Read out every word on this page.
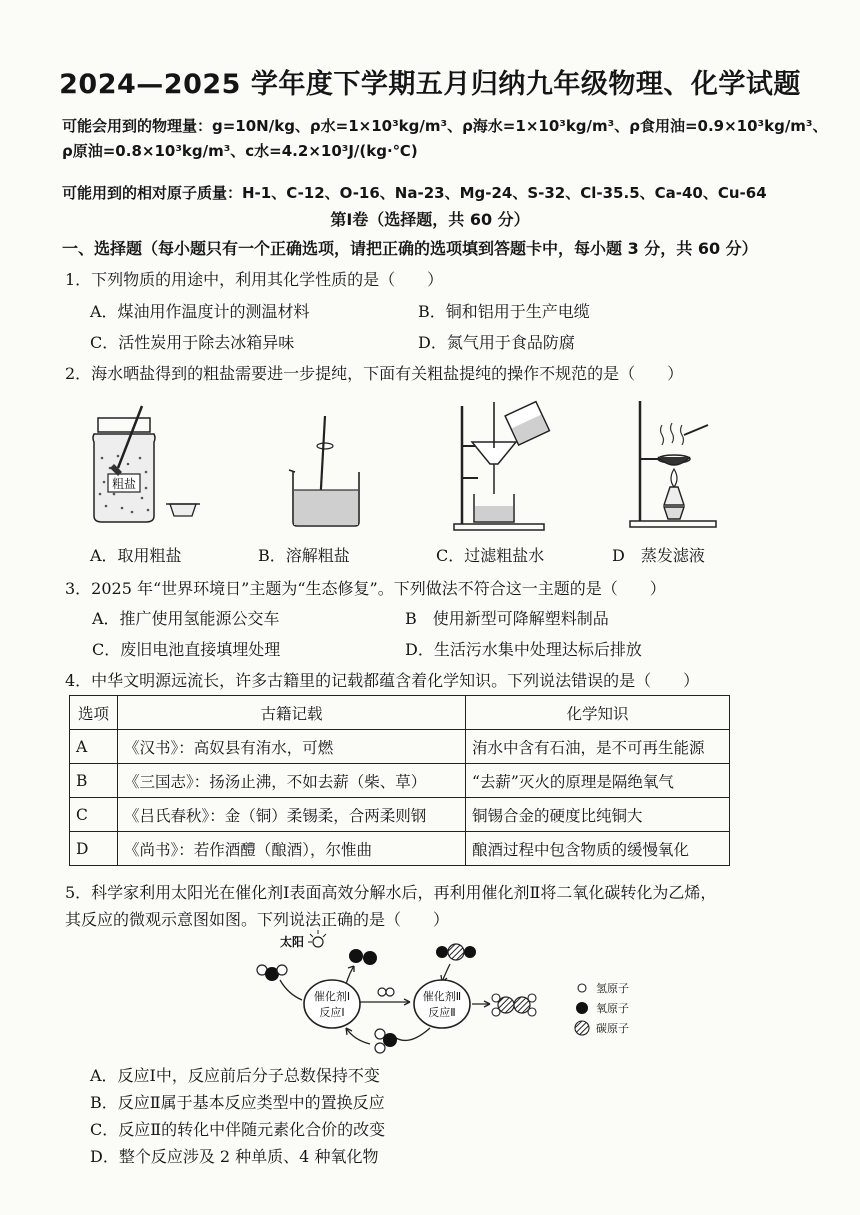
2024—2025 学年度下学期五月归纳九年级物理、化学试题
可能会用到的物理量：g=10N/kg、ρ水=1×10³kg/m³、ρ海水=1×10³kg/m³、ρ食用油=0.9×10³kg/m³、
ρ原油=0.8×10³kg/m³、c水=4.2×10³J/(kg·℃)
可能用到的相对原子质量：H-1、C-12、O-16、Na-23、Mg-24、S-32、Cl-35.5、Ca-40、Cu-64
第Ⅰ卷（选择题，共 60 分）
一、选择题（每小题只有一个正确选项，请把正确的选项填到答题卡中，每小题 3 分，共 60 分）
1．下列物质的用途中，利用其化学性质的是（　　）
A．煤油用作温度计的测温材料	B．铜和铝用于生产电缆
C．活性炭用于除去冰箱异味	D．氮气用于食品防腐
2．海水晒盐得到的粗盐需要进一步提纯，下面有关粗盐提纯的操作不规范的是（　　）
粗盐
A．取用粗盐	B．溶解粗盐	C．过滤粗盐水	D　蒸发滤液
3．2025 年“世界环境日”主题为“生态修复”。下列做法不符合这一主题的是（　　）
A．推广使用氢能源公交车	B　使用新型可降解塑料制品
C．废旧电池直接填埋处理	D．生活污水集中处理达标后排放
4．中华文明源远流长，许多古籍里的记载都蕴含着化学知识。下列说法错误的是（　　）
选项	古籍记载	化学知识
A	《汉书》：高奴县有洧水，可燃	洧水中含有石油，是不可再生能源
B	《三国志》：扬汤止沸，不如去薪（柴、草）	“去薪”灭火的原理是隔绝氧气
C	《吕氏春秋》：金（铜）柔锡柔，合两柔则钢	铜锡合金的硬度比纯铜大
D	《尚书》：若作酒醴（酿酒），尔惟曲	酿酒过程中包含物质的缓慢氧化
5．科学家利用太阳光在催化剂Ⅰ表面高效分解水后，再利用催化剂Ⅱ将二氧化碳转化为乙烯，
其反应的微观示意图如图。下列说法正确的是（　　）
太阳
催化剂Ⅰ
反应Ⅰ
催化剂Ⅱ
反应Ⅱ
氢原子
氧原子
碳原子
A．反应Ⅰ中，反应前后分子总数保持不变
B．反应Ⅱ属于基本反应类型中的置换反应
C．反应Ⅱ的转化中伴随元素化合价的改变
D．整个反应涉及 2 种单质、4 种氧化物
